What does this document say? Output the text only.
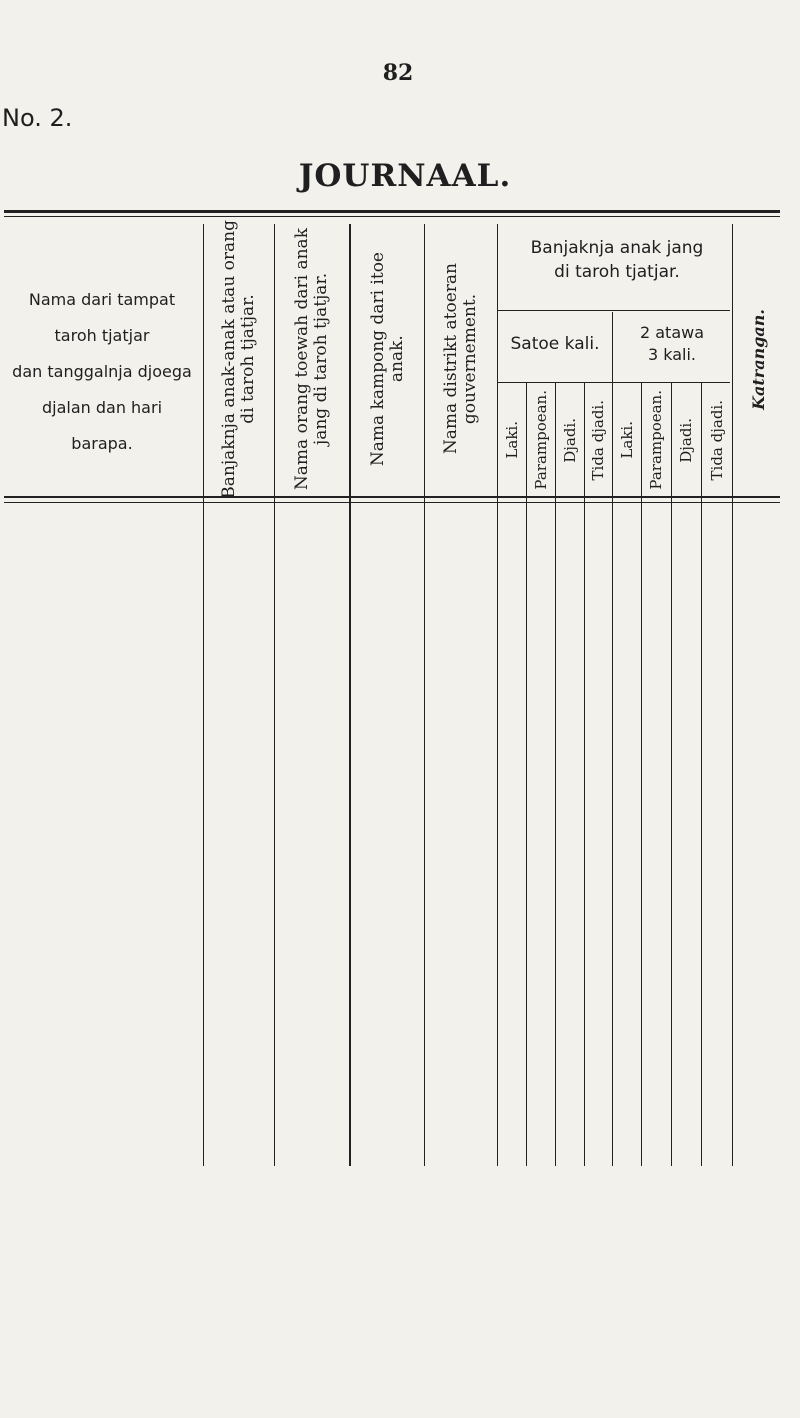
82
No. 2.
JOURNAAL.
Nama dari tampat
taroh tjatjar
dan tanggalnja djoega
djalan dan hari
barapa.	Banjaknja anak-anak atau orang di taroh tjatjar. Nama orang toewah dari anak jang di taroh tjatjar. Nama kampong dari itoe anak. Nama distrikt atoeran gouvernement.
Banjaknja anak jang
di taroh tjatjar.
Satoe kali.
2 atawa
3 kali.
Laki. Parampoean. Djadi. Tida djadi. Laki. Parampoean. Djadi. Tida djadi.
Katrangan.
